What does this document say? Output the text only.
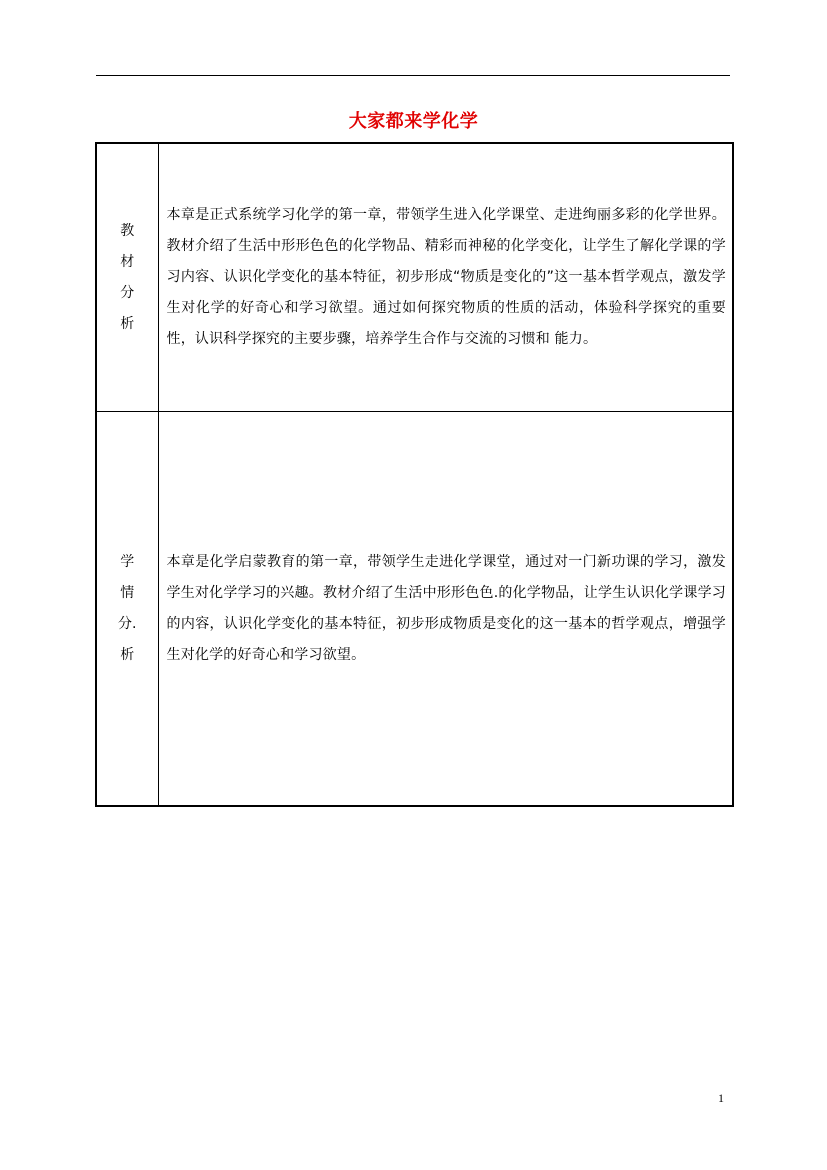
大家都来学化学
教
材
分
析	本章是正式系统学习化学的第一章，带领学生进入化学课堂、走进绚丽多彩的化学世界。教材介绍了生活中形形色色的化学物品、精彩而神秘的化学变化，让学生了解化学课的学习内容、认识化学变化的基本特征，初步形成“物质是变化的”这一基本哲学观点，激发学生对化学的好奇心和学习欲望。通过如何探究物质的性质的活动，体验科学探究的重要性，认识科学探究的主要步骤，培养学生合作与交流的习惯和 能力。

学
情
分.
析	本章是化学启蒙教育的第一章，带领学生走进化学课堂，通过对一门新功课的学习，激发学生对化学学习的兴趣。教材介绍了生活中形形色色.的化学物品，让学生认识化学课学习的内容，认识化学变化的基本特征，初步形成物质是变化的这一基本的哲学观点，增强学生对化学的好奇心和学习欲望。

1
